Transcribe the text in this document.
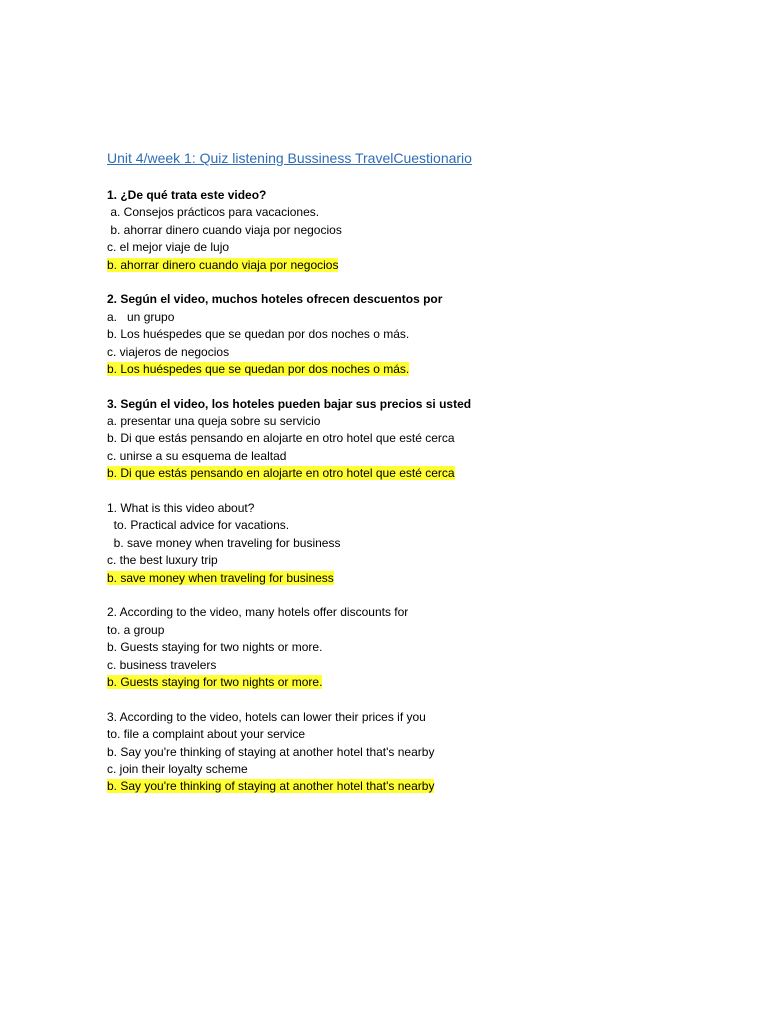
Unit 4/week 1: Quiz listening Bussiness TravelCuestionario
1. ¿De qué trata este video?
a. Consejos prácticos para vacaciones.
b. ahorrar dinero cuando viaja por negocios
c. el mejor viaje de lujo
b. ahorrar dinero cuando viaja por negocios
2. Según el video, muchos hoteles ofrecen descuentos por
a.   un grupo
b. Los huéspedes que se quedan por dos noches o más.
c. viajeros de negocios
b. Los huéspedes que se quedan por dos noches o más.
3. Según el video, los hoteles pueden bajar sus precios si usted
a. presentar una queja sobre su servicio
b. Di que estás pensando en alojarte en otro hotel que esté cerca
c. unirse a su esquema de lealtad
b. Di que estás pensando en alojarte en otro hotel que esté cerca
1. What is this video about?
to. Practical advice for vacations.
b. save money when traveling for business
c. the best luxury trip
b. save money when traveling for business
2. According to the video, many hotels offer discounts for
to. a group
b. Guests staying for two nights or more.
c. business travelers
b. Guests staying for two nights or more.
3. According to the video, hotels can lower their prices if you
to. file a complaint about your service
b. Say you're thinking of staying at another hotel that's nearby
c. join their loyalty scheme
b. Say you're thinking of staying at another hotel that's nearby
